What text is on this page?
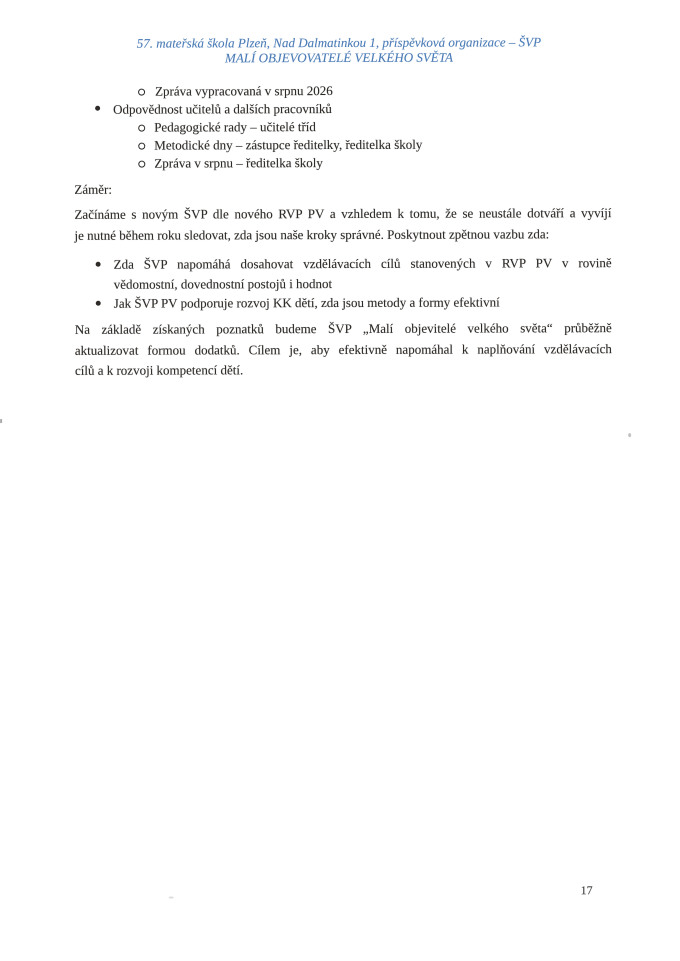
57. mateřská škola Plzeň, Nad Dalmatinkou 1, příspěvková organizace – ŠVP
MALÍ OBJEVOVATELÉ VELKÉHO SVĚTA
Zpráva vypracovaná v srpnu 2026
Odpovědnost učitelů a dalších pracovníků
Pedagogické rady – učitelé tříd
Metodické dny – zástupce ředitelky, ředitelka školy
Zpráva v srpnu – ředitelka školy
Záměr:
Začínáme s novým ŠVP dle nového RVP PV a vzhledem k tomu, že se neustále dotváří a vyvíjí
je nutné během roku sledovat, zda jsou naše kroky správné. Poskytnout zpětnou vazbu zda:
Zda ŠVP napomáhá dosahovat vzdělávacích cílů stanovených v RVP PV v rovině
vědomostní, dovednostní postojů i hodnot
Jak ŠVP PV podporuje rozvoj KK dětí, zda jsou metody a formy efektivní
Na základě získaných poznatků budeme ŠVP „Malí objevitelé velkého světa“ průběžně
aktualizovat formou dodatků. Cílem je, aby efektivně napomáhal k naplňování vzdělávacích
cílů a k rozvoji kompetencí dětí.
17
